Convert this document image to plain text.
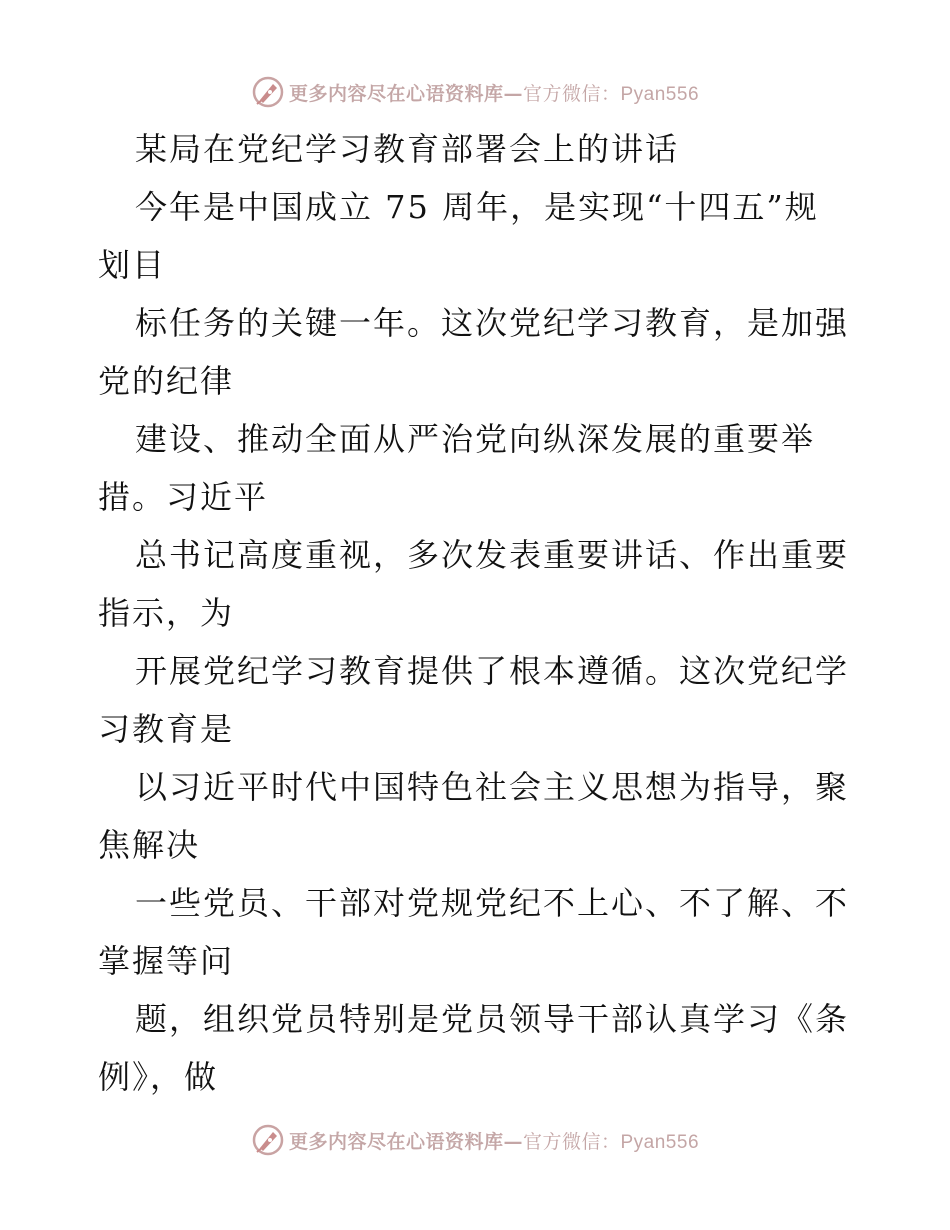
更多内容尽在心语资料库—官方微信：Pyan556
某局在党纪学习教育部署会上的讲话
今年是中国成立 75 周年，是实现“十四五”规
划目
标任务的关键一年。这次党纪学习教育，是加强
党的纪律
建设、推动全面从严治党向纵深发展的重要举
措。习近平
总书记高度重视，多次发表重要讲话、作出重要
指示，为
开展党纪学习教育提供了根本遵循。这次党纪学
习教育是
以习近平时代中国特色社会主义思想为指导，聚
焦解决
一些党员、干部对党规党纪不上心、不了解、不
掌握等问
题，组织党员特别是党员领导干部认真学习《条
例》，做
更多内容尽在心语资料库—官方微信：Pyan556
